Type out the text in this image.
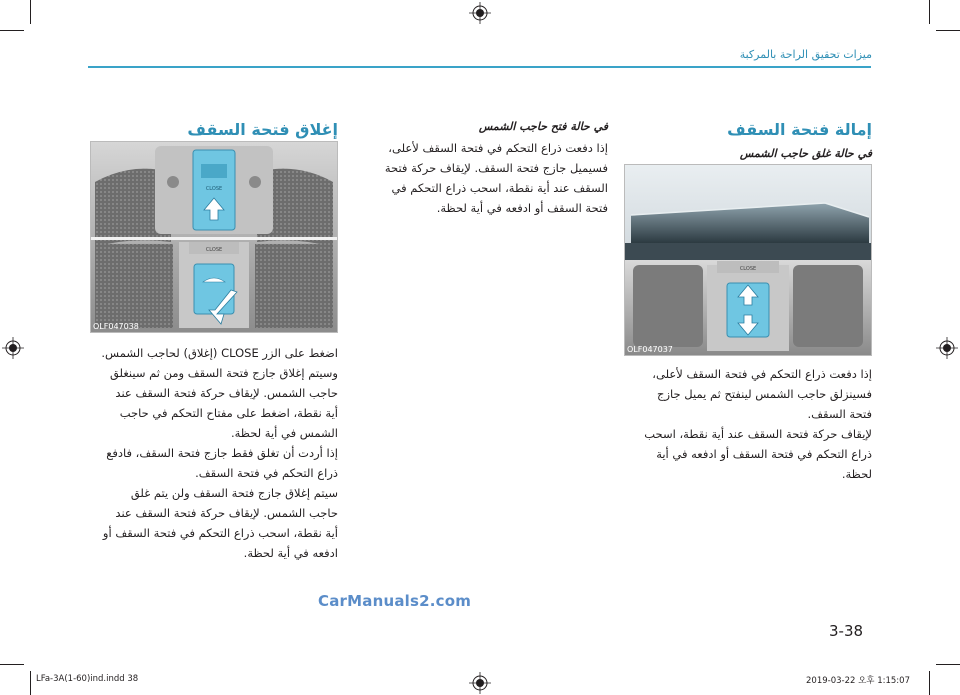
ميزات تحقيق الراحة بالمركبة
إمالة فتحة السقف
في حالة غلق حاجب الشمس
CLOSE
OLF047037

إذا دفعت ذراع التحكم في فتحة السقف لأعلى،

فسينزلق حاجب الشمس لينفتح ثم يميل جازج

فتحة السقف.

لإيقاف حركة فتحة السقف عند أية نقطة، اسحب

ذراع التحكم في فتحة السقف أو ادفعه في أية

لحظة.

في حالة فتح حاجب الشمس

إذا دفعت ذراع التحكم في فتحة السقف لأعلى،

فسيميل جازج فتحة السقف. لإيقاف حركة فتحة

السقف عند أية نقطة، اسحب ذراع التحكم في

فتحة السقف أو ادفعه في أية لحظة.

إغلاق فتحة السقف
CLOSE
CLOSE
OLF047038

اضغط على الزر CLOSE (إغلاق) لحاجب الشمس.

وسيتم إغلاق جازج فتحة السقف ومن ثم سينغلق

حاجب الشمس. لإيقاف حركة فتحة السقف عند

أية نقطة، اضغط على مفتاح التحكم في حاجب

الشمس في أية لحظة.

إذا أردت أن تغلق فقط جازج فتحة السقف، فادفع

ذراع التحكم في فتحة السقف.

سيتم إغلاق جازج فتحة السقف ولن يتم غلق

حاجب الشمس. لإيقاف حركة فتحة السقف عند

أية نقطة، اسحب ذراع التحكم في فتحة السقف أو

ادفعه في أية لحظة.

CarManuals2.com
3-38
LFa-3A(1-60)ind.indd 38	2019-03-22 오후 1:15:07
